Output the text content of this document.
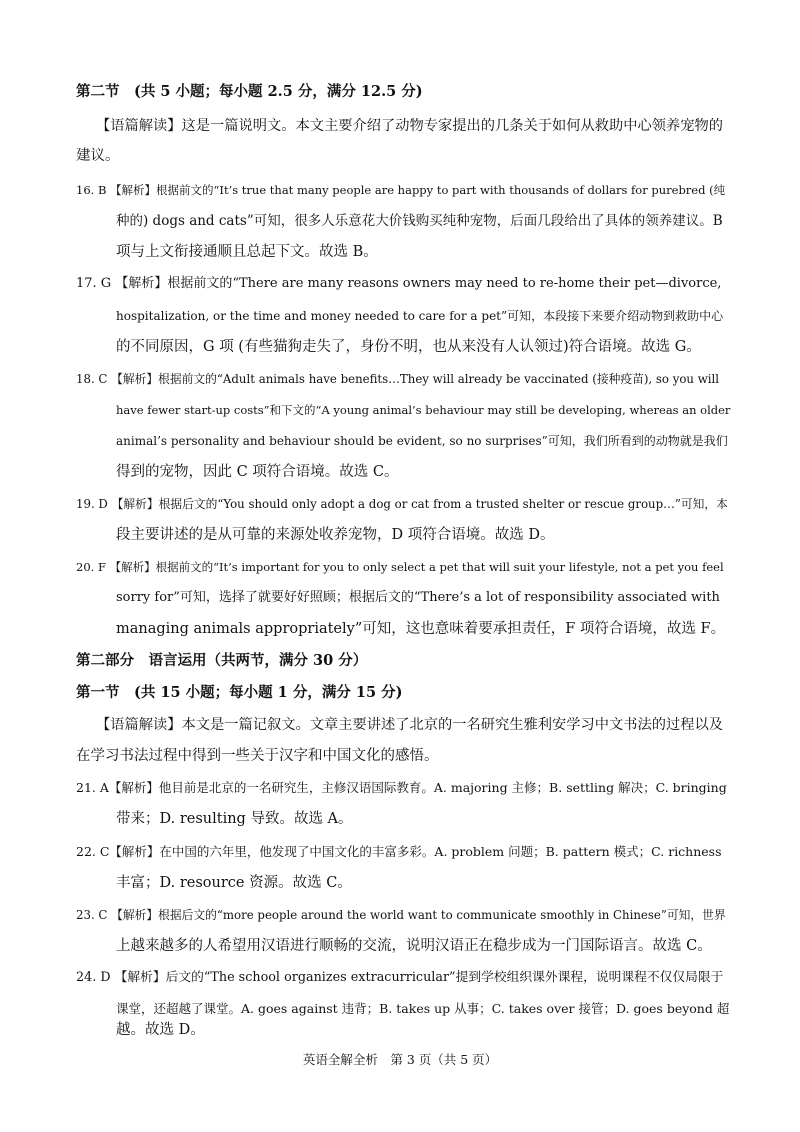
第二节　(共 5 小题；每小题 2.5 分，满分 12.5 分)
【语篇解读】这是一篇说明文。本文主要介绍了动物专家提出的几条关于如何从救助中心领养宠物的
建议。
16. B 【解析】根据前文的“It’s true that many people are happy to part with thousands of dollars for purebred (纯
种的) dogs and cats”可知，很多人乐意花大价钱购买纯种宠物，后面几段给出了具体的领养建议。B
项与上文衔接通顺且总起下文。故选 B。
17. G 【解析】根据前文的“There are many reasons owners may need to re-home their pet—divorce,
hospitalization, or the time and money needed to care for a pet”可知，本段接下来要介绍动物到救助中心
的不同原因，G 项 (有些猫狗走失了，身份不明，也从来没有人认领过)符合语境。故选 G。
18. C 【解析】根据前文的“Adult animals have benefits…They will already be vaccinated (接种疫苗), so you will
have fewer start-up costs”和下文的“A young animal’s behaviour may still be developing, whereas an older
animal’s personality and behaviour should be evident, so no surprises”可知，我们所看到的动物就是我们
得到的宠物，因此 C 项符合语境。故选 C。
19. D 【解析】根据后文的“You should only adopt a dog or cat from a trusted shelter or rescue group…”可知，本
段主要讲述的是从可靠的来源处收养宠物，D 项符合语境。故选 D。
20. F 【解析】根据前文的“It’s important for you to only select a pet that will suit your lifestyle, not a pet you feel
sorry for”可知，选择了就要好好照顾；根据后文的“There’s a lot of responsibility associated with
managing animals appropriately”可知，这也意味着要承担责任，F 项符合语境，故选 F。
第二部分　语言运用（共两节，满分 30 分）
第一节　(共 15 小题；每小题 1 分，满分 15 分)
【语篇解读】本文是一篇记叙文。文章主要讲述了北京的一名研究生雅利安学习中文书法的过程以及
在学习书法过程中得到一些关于汉字和中国文化的感悟。
21. A【解析】他目前是北京的一名研究生，主修汉语国际教育。A. majoring 主修；B. settling 解决；C. bringing
带来；D. resulting 导致。故选 A。
22. C【解析】在中国的六年里，他发现了中国文化的丰富多彩。A. problem 问题；B. pattern 模式；C. richness
丰富；D. resource 资源。故选 C。
23. C 【解析】根据后文的“more people around the world want to communicate smoothly in Chinese”可知，世界
上越来越多的人希望用汉语进行顺畅的交流，说明汉语正在稳步成为一门国际语言。故选 C。
24. D 【解析】后文的“The school organizes extracurricular”提到学校组织课外课程，说明课程不仅仅局限于
课堂，还超越了课堂。A. goes against 违背；B. takes up 从事；C. takes over 接管；D. goes beyond 超
越。故选 D。
英语全解全析　第 3 页（共 5 页）
